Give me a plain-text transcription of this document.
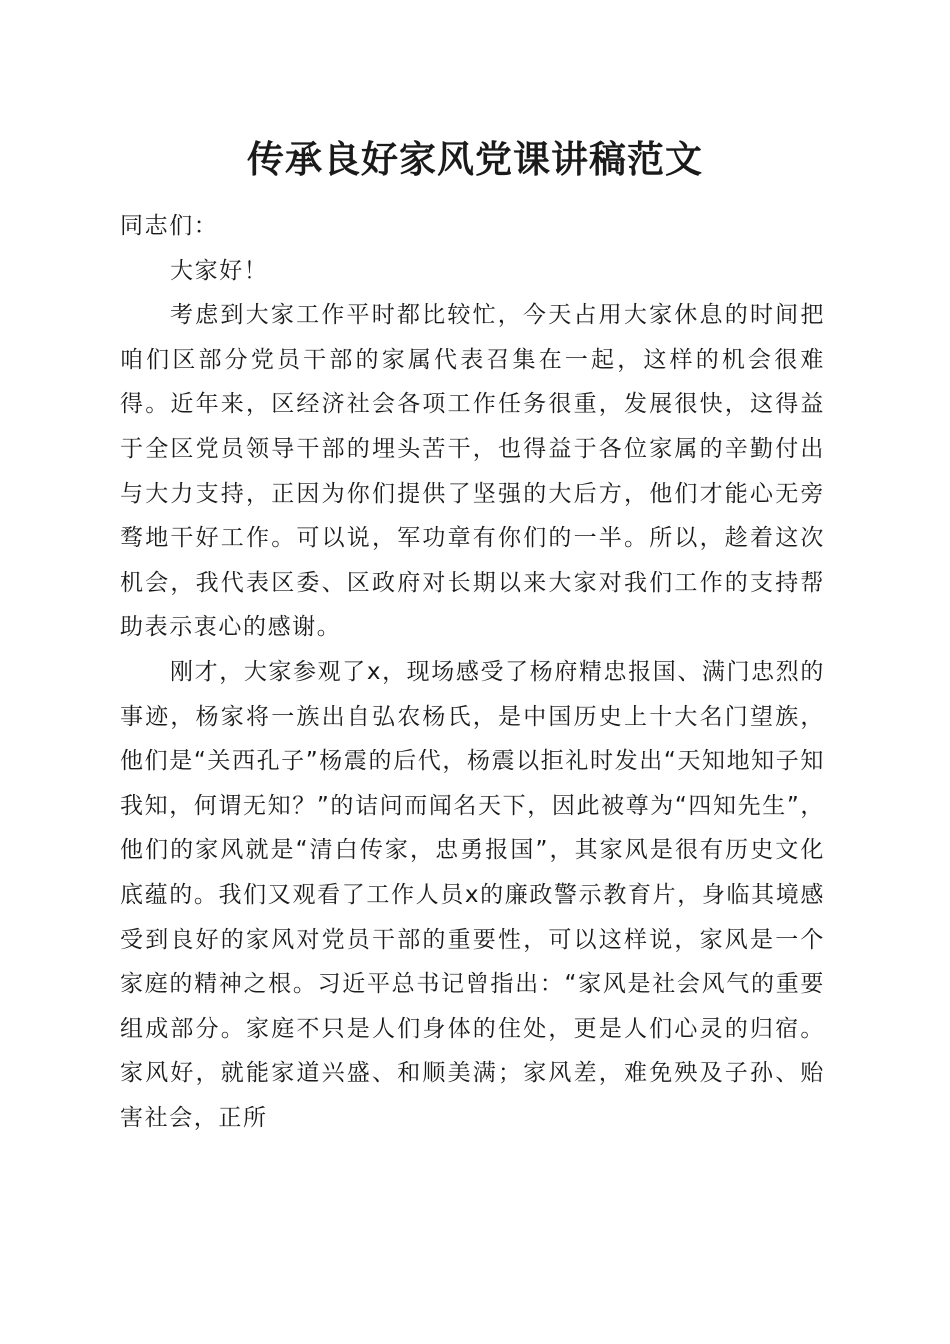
传承良好家风党课讲稿范文

同志们：

大家好！

考虑到大家工作平时都比较忙，今天占用大家休息的时间把咱们区部分党员干部的家属代表召集在一起，这样的机会很难得。近年来，区经济社会各项工作任务很重，发展很快，这得益于全区党员领导干部的埋头苦干，也得益于各位家属的辛勤付出与大力支持，正因为你们提供了坚强的大后方，他们才能心无旁骛地干好工作。可以说，军功章有你们的一半。所以，趁着这次机会，我代表区委、区政府对长期以来大家对我们工作的支持帮助表示衷心的感谢。

刚才，大家参观了x，现场感受了杨府精忠报国、满门忠烈的事迹，杨家将一族出自弘农杨氏，是中国历史上十大名门望族，他们是“关西孔子”杨震的后代，杨震以拒礼时发出“天知地知子知我知，何谓无知？”的诘问而闻名天下，因此被尊为“四知先生”，他们的家风就是“清白传家，忠勇报国”，其家风是很有历史文化底蕴的。我们又观看了工作人员x的廉政警示教育片，身临其境感受到良好的家风对党员干部的重要性，可以这样说，家风是一个家庭的精神之根。习近平总书记曾指出：“家风是社会风气的重要组成部分。家庭不只是人们身体的住处，更是人们心灵的归宿。家风好，就能家道兴盛、和顺美满；家风差，难免殃及子孙、贻害社会，正所
